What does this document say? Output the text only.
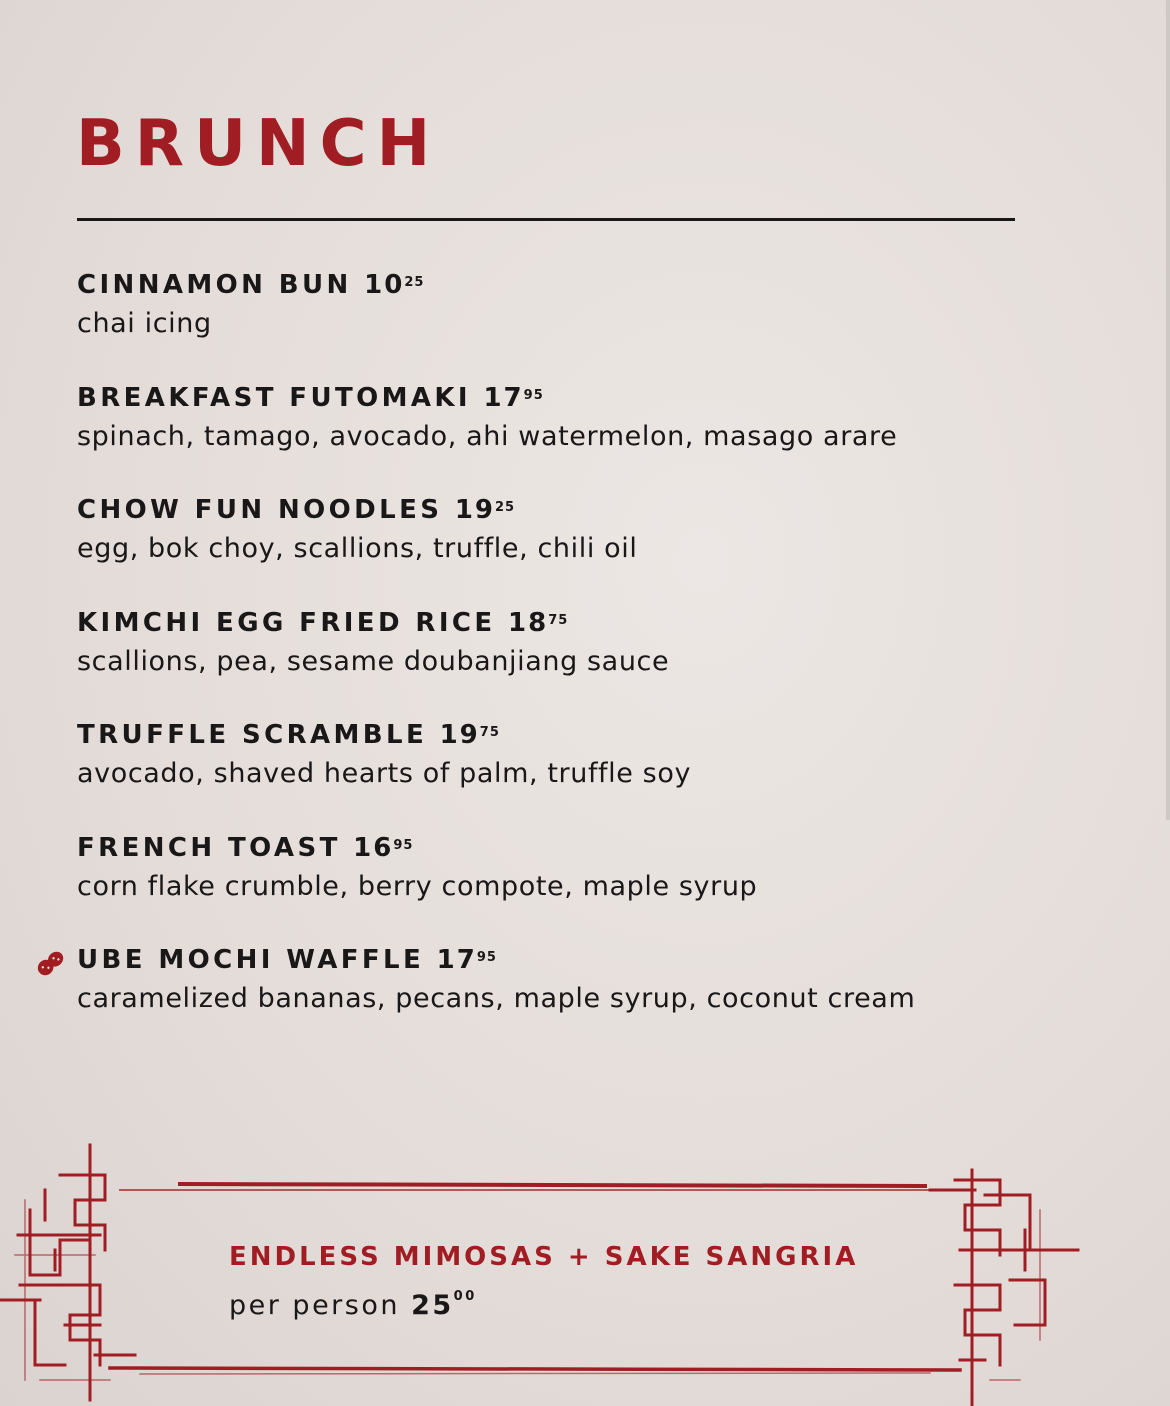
BRUNCH
CINNAMON BUN $10^{25}$
chai icing
BREAKFAST FUTOMAKI $17^{95}$
spinach, tamago, avocado, ahi watermelon, masago arare
CHOW FUN NOODLES $19^{25}$
egg, bok choy, scallions, truffle, chili oil
KIMCHI EGG FRIED RICE $18^{75}$
scallions, pea, sesame doubanjiang sauce
TRUFFLE SCRAMBLE $19^{75}$
avocado, shaved hearts of palm, truffle soy
FRENCH TOAST $16^{95}$
corn flake crumble, berry compote, maple syrup
UBE MOCHI WAFFLE $17^{95}$
caramelized bananas, pecans, maple syrup, coconut cream
ENDLESS MIMOSAS + SAKE SANGRIA
per person $25^{00}$
